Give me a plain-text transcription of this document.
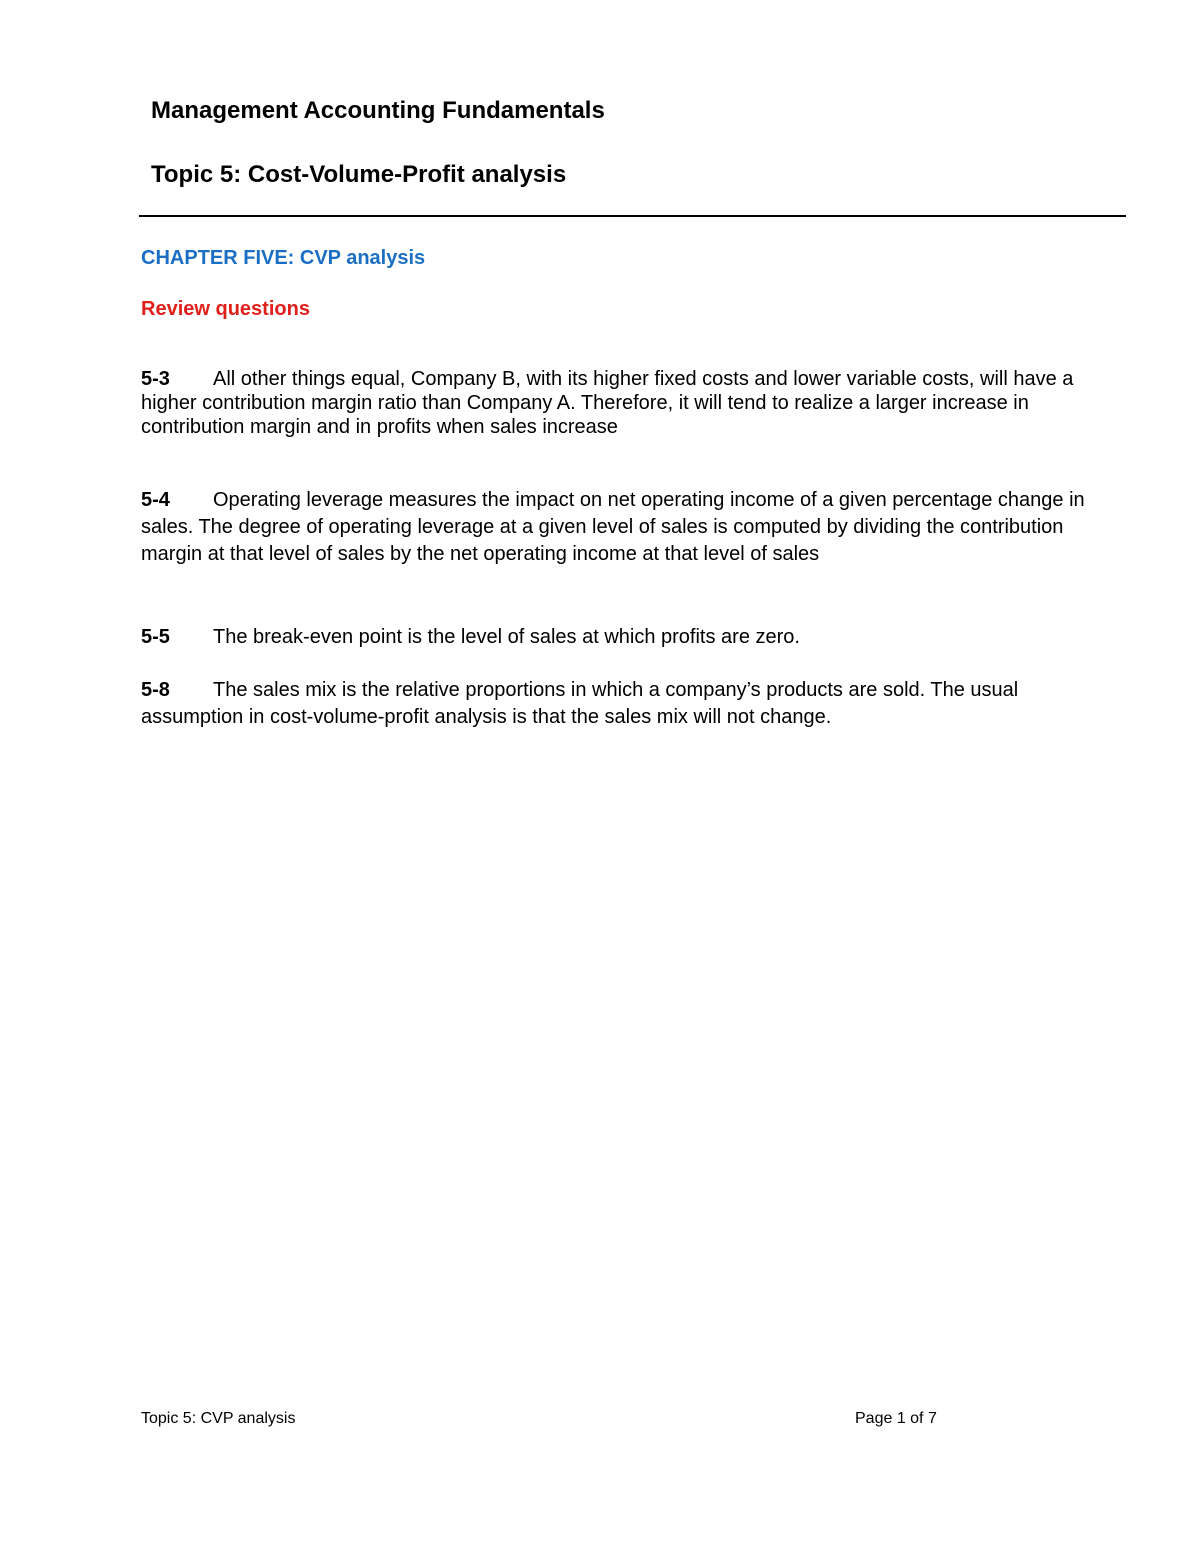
Management Accounting Fundamentals
Topic 5: Cost-Volume-Profit analysis
CHAPTER FIVE: CVP analysis
Review questions

5-3 All other things equal, Company B, with its higher fixed costs and lower variable costs, will have a higher contribution margin ratio than Company A. Therefore, it will tend to realize a larger increase in contribution margin and in profits when sales increase

5-4 Operating leverage measures the impact on net operating income of a given percentage change in sales. The degree of operating leverage at a given level of sales is computed by dividing the contribution margin at that level of sales by the net operating income at that level of sales

5-5 The break-even point is the level of sales at which profits are zero.

5-8 The sales mix is the relative proportions in which a company’s products are sold. The usual assumption in cost-volume-profit analysis is that the sales mix will not change.

Topic 5: CVP analysis	Page 1 of 7
